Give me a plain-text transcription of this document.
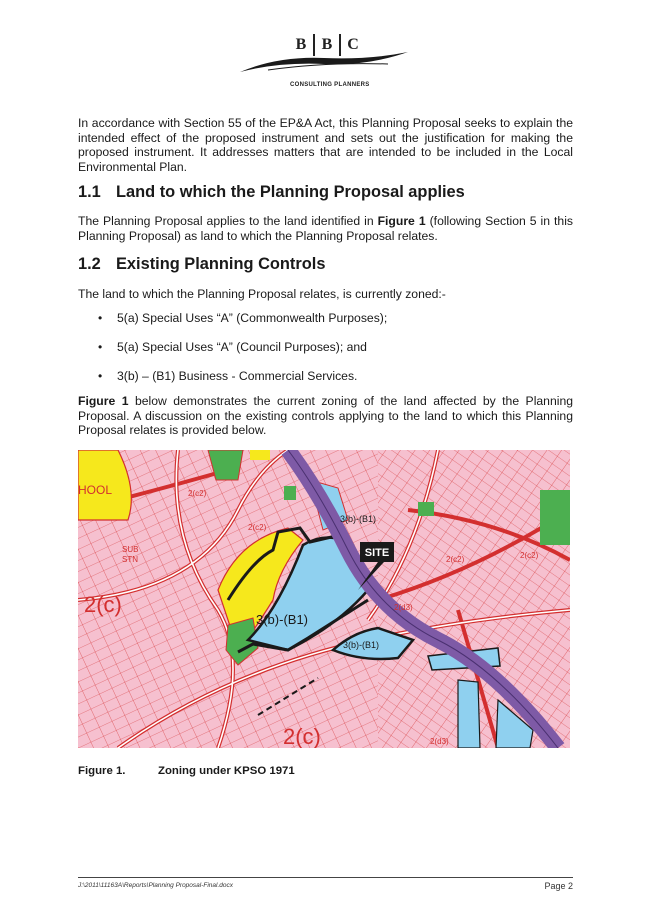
B B C
CONSULTING PLANNERS

In accordance with Section 55 of the EP&A Act, this Planning Proposal seeks to explain the intended effect of the proposed instrument and sets out the justification for making the proposed instrument. It addresses matters that are intended to be included in the Local Environmental Plan.

1.1 Land to which the Planning Proposal applies

The Planning Proposal applies to the land identified in Figure 1 (following Section 5 in this Planning Proposal) as land to which the Planning Proposal relates.

1.2 Existing Planning Controls

The land to which the Planning Proposal relates, is currently zoned:-

•	5(a) Special Uses “A” (Commonwealth Purposes);
•	5(a) Special Uses “A” (Council Purposes); and
•	3(b) – (B1) Business - Commercial Services.

Figure 1 below demonstrates the current zoning of the land affected by the Planning Proposal. A discussion on the existing controls applying to the land to which this Planning Proposal relates is provided below.

SITE
HOOL
SUB
STN
2(c)
2(c)
3(b)-(B1)
3(b)-(B1)
3(b)-(B1)
2(d3)
2(c2)
2(c2)
2(c2)	2(c2)
2(d3)
Figure 1.	Zoning under KPSO 1971
J:\2011\11163A\Reports\Planning Proposal-Final.docx	Page 2
